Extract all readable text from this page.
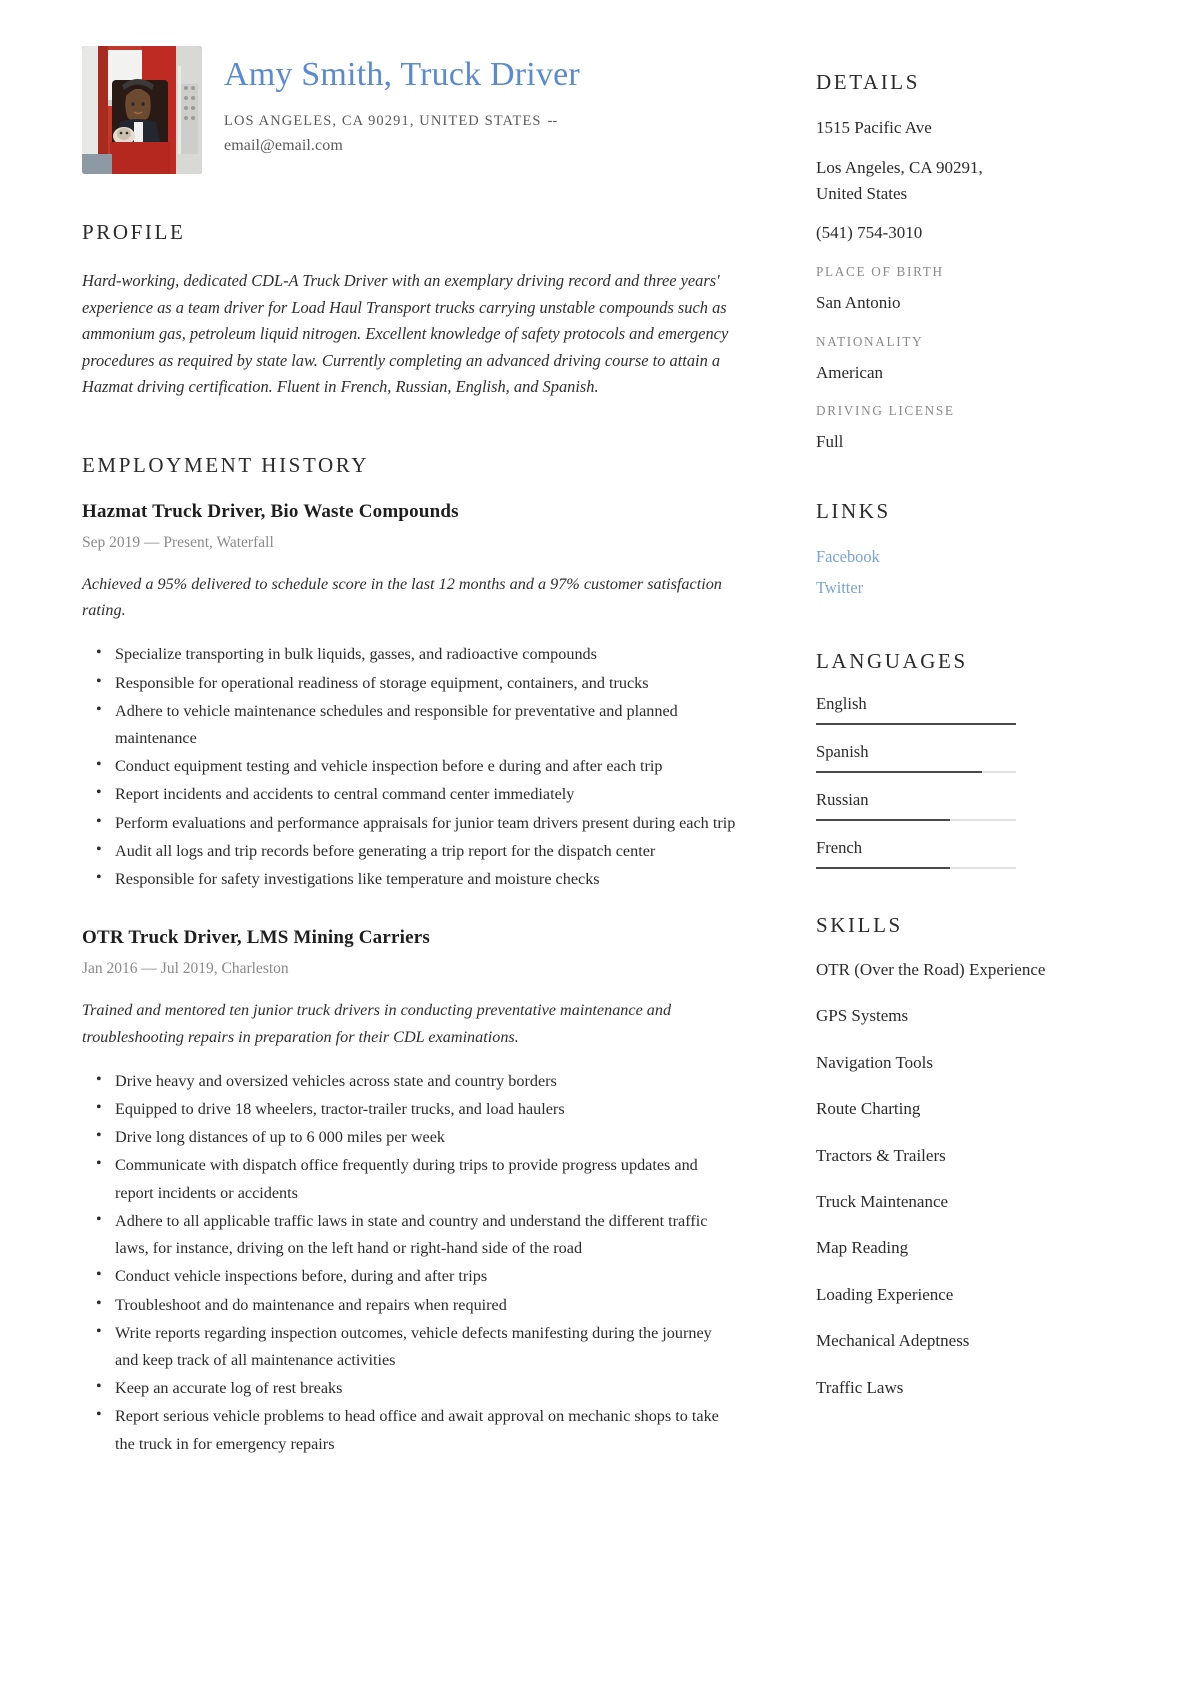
Amy Smith, Truck Driver
LOS ANGELES, CA 90291, UNITED STATES --
email@email.com
PROFILE

Hard-working, dedicated CDL-A Truck Driver with an exemplary driving record and three years' experience as a team driver for Load Haul Transport trucks carrying unstable compounds such as ammonium gas, petroleum liquid nitrogen. Excellent knowledge of safety protocols and emergency procedures as required by state law. Currently completing an advanced driving course to attain a Hazmat driving certification. Fluent in French, Russian, English, and Spanish.

EMPLOYMENT HISTORY
Hazmat Truck Driver, Bio Waste Compounds
Sep 2019 — Present, Waterfall
Achieved a 95% delivered to schedule score in the last 12 months and a 97% customer satisfaction rating.
• Specialize transporting in bulk liquids, gasses, and radioactive compounds
• Responsible for operational readiness of storage equipment, containers, and trucks
• Adhere to vehicle maintenance schedules and responsible for preventative and planned maintenance
• Conduct equipment testing and vehicle inspection before e during and after each trip
• Report incidents and accidents to central command center immediately
• Perform evaluations and performance appraisals for junior team drivers present during each trip
• Audit all logs and trip records before generating a trip report for the dispatch center
• Responsible for safety investigations like temperature and moisture checks
OTR Truck Driver, LMS Mining Carriers
Jan 2016 — Jul 2019, Charleston
Trained and mentored ten junior truck drivers in conducting preventative maintenance and troubleshooting repairs in preparation for their CDL examinations.
• Drive heavy and oversized vehicles across state and country borders
• Equipped to drive 18 wheelers, tractor-trailer trucks, and load haulers
• Drive long distances of up to 6 000 miles per week
• Communicate with dispatch office frequently during trips to provide progress updates and report incidents or accidents
• Adhere to all applicable traffic laws in state and country and understand the different traffic laws, for instance, driving on the left hand or right-hand side of the road
• Conduct vehicle inspections before, during and after trips
• Troubleshoot and do maintenance and repairs when required
• Write reports regarding inspection outcomes, vehicle defects manifesting during the journey and keep track of all maintenance activities
• Keep an accurate log of rest breaks
• Report serious vehicle problems to head office and await approval on mechanic shops to take the truck in for emergency repairs
DETAILS
1515 Pacific Ave
Los Angeles, CA 90291,
United States
(541) 754-3010
PLACE OF BIRTH
San Antonio
NATIONALITY
American
DRIVING LICENSE
Full
LINKS
Facebook
Twitter
LANGUAGES
English
Spanish
Russian
French
SKILLS
OTR (Over the Road) Experience
GPS Systems
Navigation Tools
Route Charting
Tractors & Trailers
Truck Maintenance
Map Reading
Loading Experience
Mechanical Adeptness
Traffic Laws
